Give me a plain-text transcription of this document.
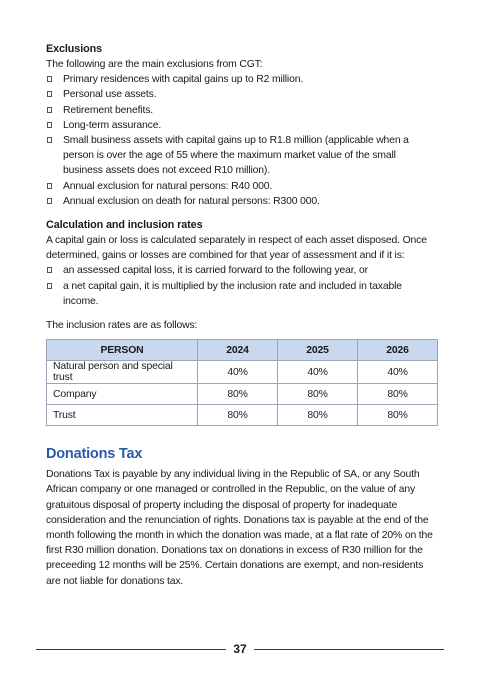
Exclusions

The following are the main exclusions from CGT:

Primary residences with capital gains up to R2 million.
Personal use assets.
Retirement benefits.
Long-term assurance.
Small business assets with capital gains up to R1.8 million (applicable when a person is over the age of 55 where the maximum market value of the small business assets does not exceed R10 million).
Annual exclusion for natural persons: R40 000.
Annual exclusion on death for natural persons: R300 000.
Calculation and inclusion rates

A capital gain or loss is calculated separately in respect of each asset disposed. Once determined, gains or losses are combined for that year of assessment and if it is:

an assessed capital loss, it is carried forward to the following year, or
a net capital gain, it is multiplied by the inclusion rate and included in taxable income.

The inclusion rates are as follows:

PERSON	2024	2025	2026
Natural person and special trust	40%	40%	40%
Company	80%	80%	80%
Trust	80%	80%	80%
Donations Tax

Donations Tax is payable by any individual living in the Republic of SA, or any South African company or one managed or controlled in the Republic, on the value of any gratuitous disposal of property including the disposal of property for inadequate consideration and the renunciation of rights. Donations tax is payable at the end of the month following the month in which the donation was made, at a flat rate of 20% on the first R30 million donation. Donations tax on donations in excess of R30 million for the preceeding 12 months will be 25%. Certain donations are exempt, and non-residents are not liable for donations tax.

37
